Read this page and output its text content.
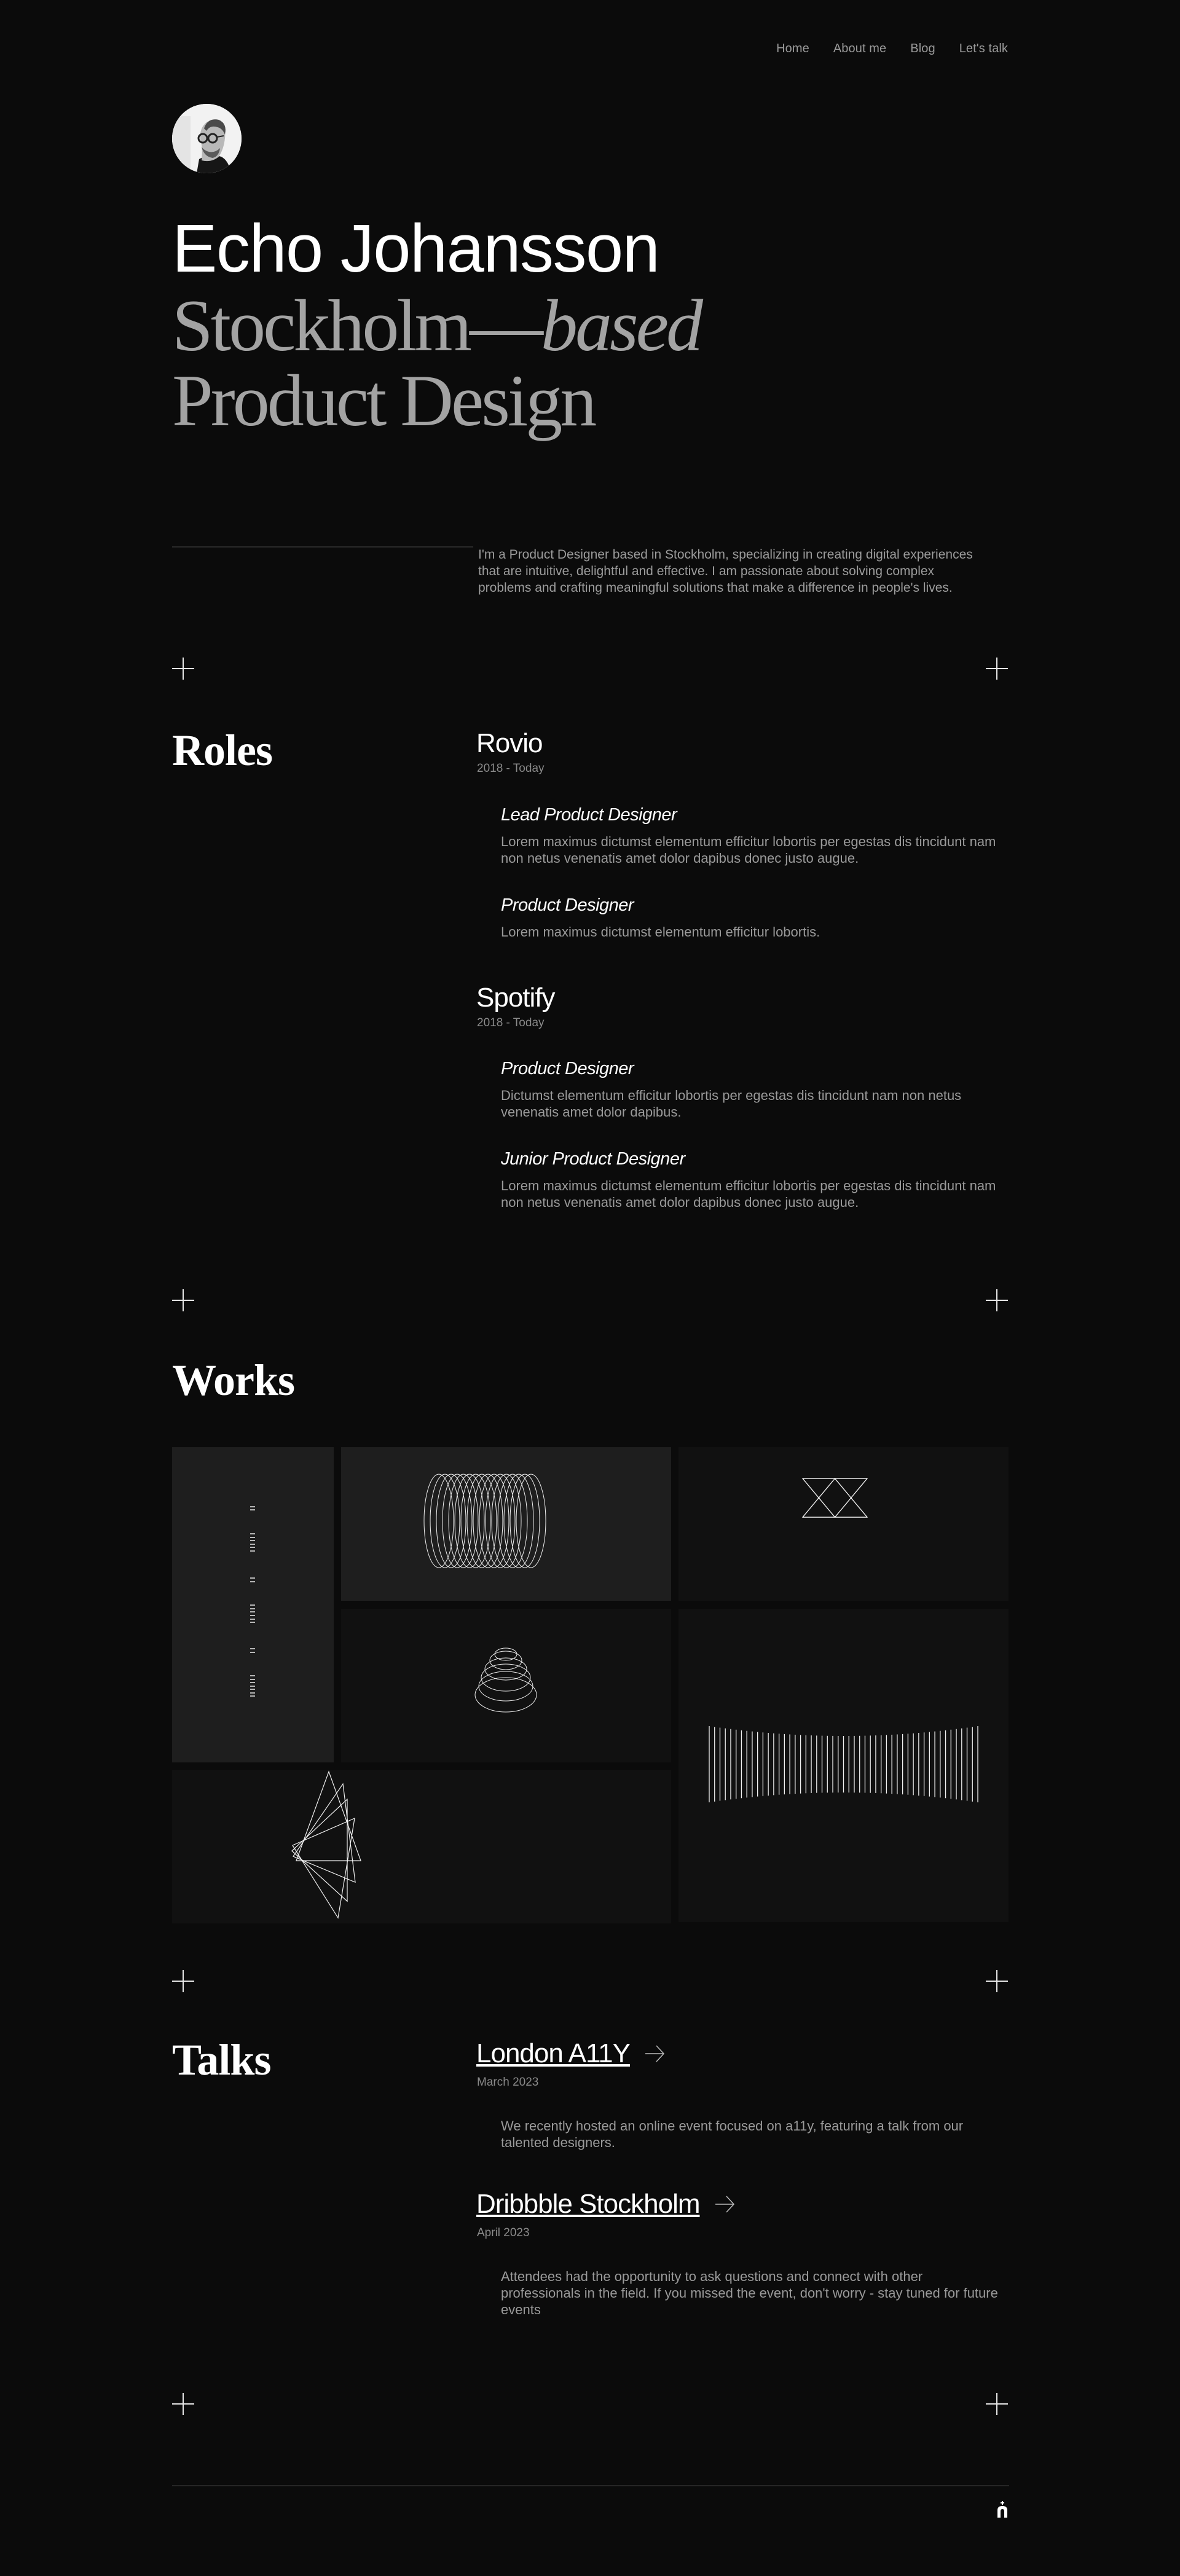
Home About me Blog Let's talk
Echo Johansson
Stockholm—based
Product Design

I'm a Product Designer based in Stockholm, specializing in creating digital experiences that are intuitive, delightful and effective. I am passionate about solving complex problems and crafting meaningful solutions that make a difference in people's lives.

Roles	Rovio
2018 - Today
Lead Product Designer
Lorem maximus dictumst elementum efficitur lobortis per egestas dis tincidunt nam non netus venenatis amet dolor dapibus donec justo augue.
Product Designer
Lorem maximus dictumst elementum efficitur lobortis.
Spotify
2018 - Today
Product Designer
Dictumst elementum efficitur lobortis per egestas dis tincidunt nam non netus venenatis amet dolor dapibus.
Junior Product Designer
Lorem maximus dictumst elementum efficitur lobortis per egestas dis tincidunt nam non netus venenatis amet dolor dapibus donec justo augue.
Works
Talks	London A11Y
March 2023
We recently hosted an online event focused on a11y, featuring a talk from our talented designers.
Dribbble Stockholm
April 2023
Attendees had the opportunity to ask questions and connect with other professionals in the field. If you missed the event, don't worry - stay tuned for future events
